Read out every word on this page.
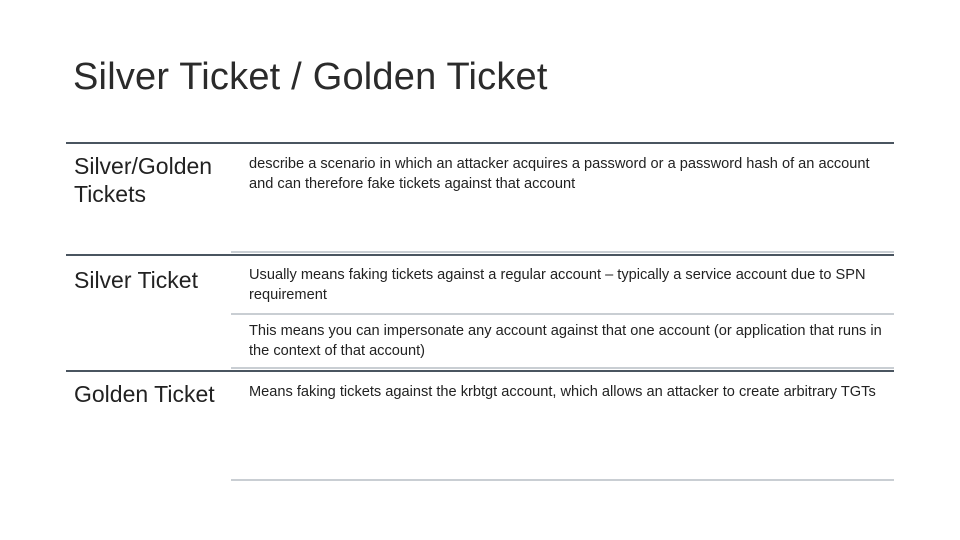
Silver Ticket / Golden Ticket
Silver/Golden Tickets
describe a scenario in which an attacker acquires a password or a password hash of an account and can therefore fake tickets against that account
Silver Ticket	Usually means faking tickets against a regular account – typically a service account due to SPN requirement
This means you can impersonate any account against that one account (or application that runs in the context of that account)
Golden Ticket Means faking tickets against the krbtgt account, which allows an attacker to create arbitrary TGTs
